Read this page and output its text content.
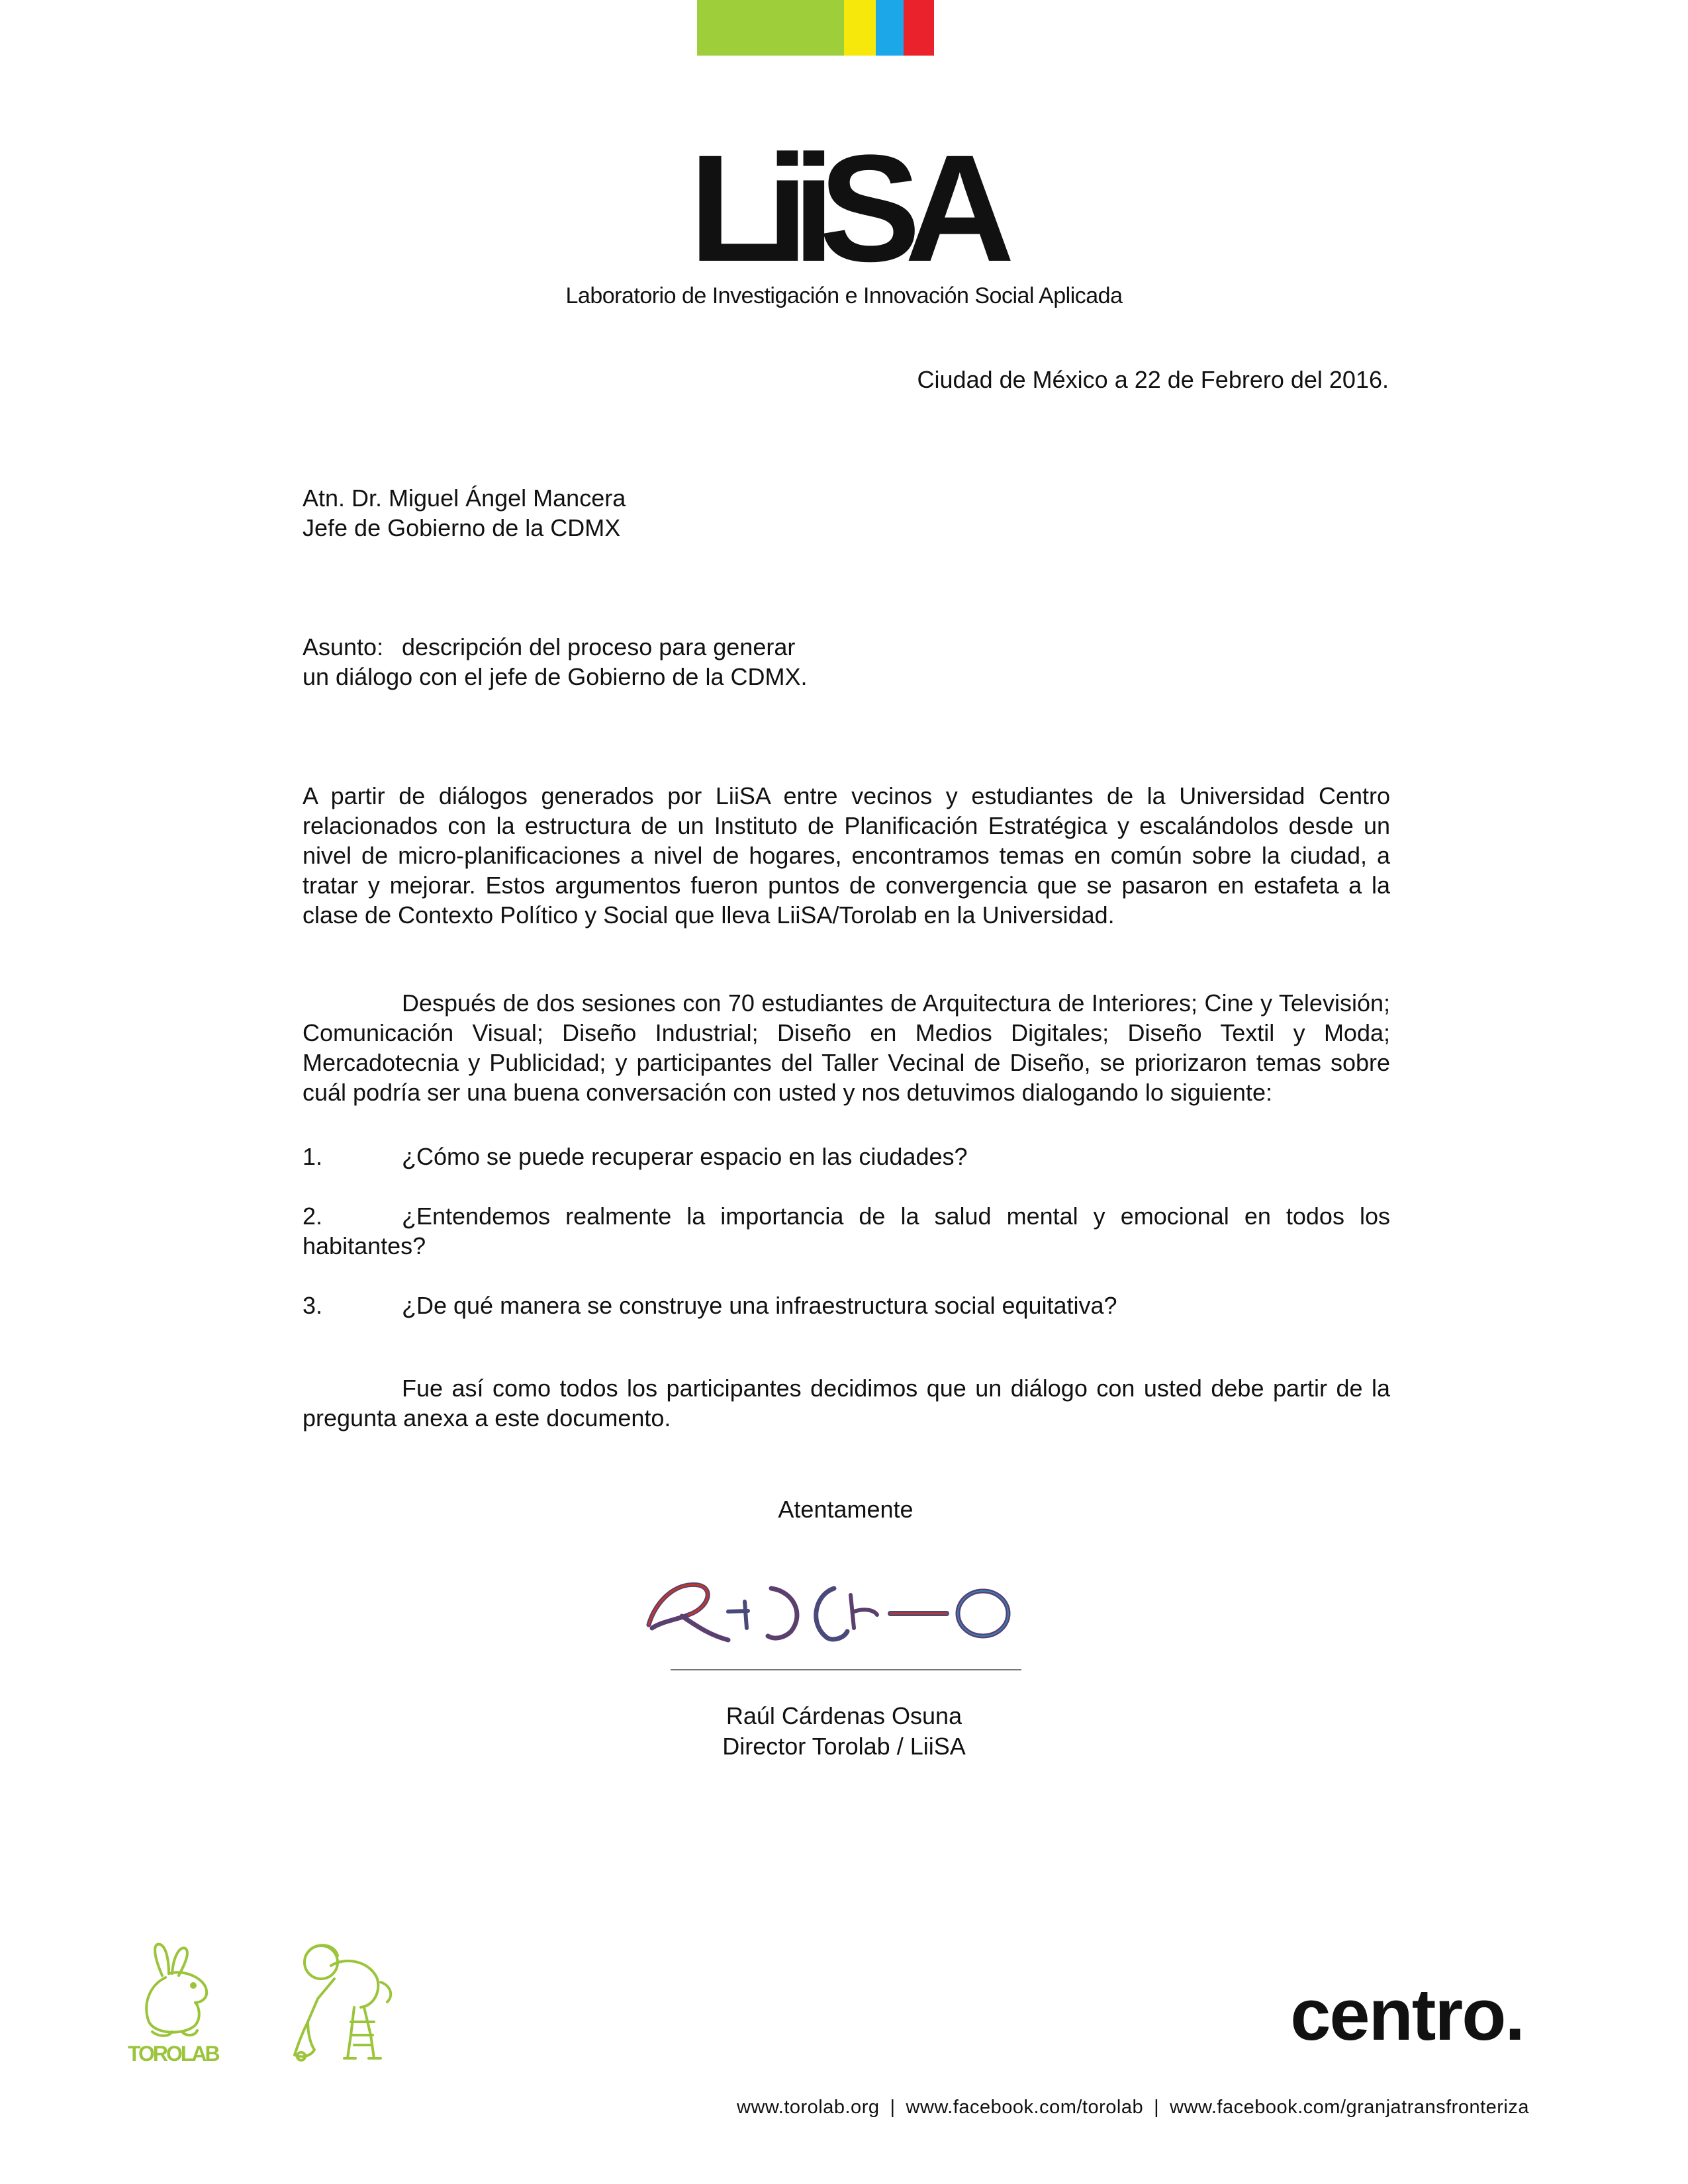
LiiSA
Laboratorio de Investigación e Innovación Social Aplicada
Ciudad de México a 22 de Febrero del 2016.
Atn. Dr. Miguel Ángel Mancera
Jefe de Gobierno de la CDMX
Asunto: descripción del proceso para generar
un diálogo con el jefe de Gobierno de la CDMX.
A partir de diálogos generados por LiiSA entre vecinos y estudiantes de la Universidad Centro relacionados con la estructura de un Instituto de Planificación Estratégica y escalándolos desde un nivel de micro-planificaciones a nivel de hogares, encontramos temas en común sobre la ciudad, a tratar y mejorar. Estos argumentos fueron puntos de convergencia que se pasaron en estafeta a la clase de Contexto Político y Social que lleva LiiSA/Torolab en la Universidad.
Después de dos sesiones con 70 estudiantes de Arquitectura de Interiores; Cine y Televisión; Comunicación Visual; Diseño Industrial; Diseño en Medios Digitales; Diseño Textil y Moda; Mercadotecnia y Publicidad; y participantes del Taller Vecinal de Diseño, se priorizaron temas sobre cuál podría ser una buena conversación con usted y nos detuvimos dialogando lo siguiente:
1.	¿Cómo se puede recuperar espacio en las ciudades?
2.	¿Entendemos realmente la importancia de la salud mental y emocional en todos los habitantes?
3.	¿De qué manera se construye una infraestructura social equitativa?
Fue así como todos los participantes decidimos que un diálogo con usted debe partir de la pregunta anexa a este documento.
Atentamente
Raúl Cárdenas Osuna
Director Torolab / LiiSA
TOROLAB	centro.
www.torolab.org | www.facebook.com/torolab | www.facebook.com/granjatransfronteriza
